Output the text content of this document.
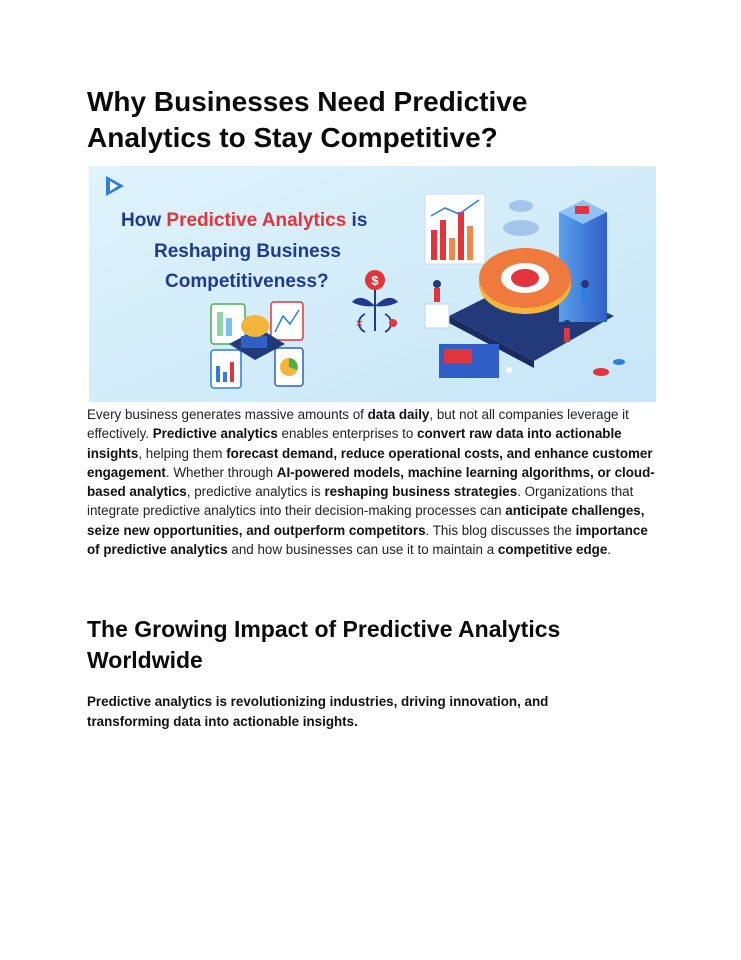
Why Businesses Need Predictive Analytics to Stay Competitive?
How Predictive Analytics is
Reshaping Business
Competitiveness?	$
✕

Every business generates massive amounts of data daily, but not all companies leverage it effectively. Predictive analytics enables enterprises to convert raw data into actionable insights, helping them forecast demand, reduce operational costs, and enhance customer engagement. Whether through AI-powered models, machine learning algorithms, or cloud-based analytics, predictive analytics is reshaping business strategies. Organizations that integrate predictive analytics into their decision-making processes can anticipate challenges, seize new opportunities, and outperform competitors. This blog discusses the importance of predictive analytics and how businesses can use it to maintain a competitive edge.

The Growing Impact of Predictive Analytics Worldwide

Predictive analytics is revolutionizing industries, driving innovation, and transforming data into actionable insights.
